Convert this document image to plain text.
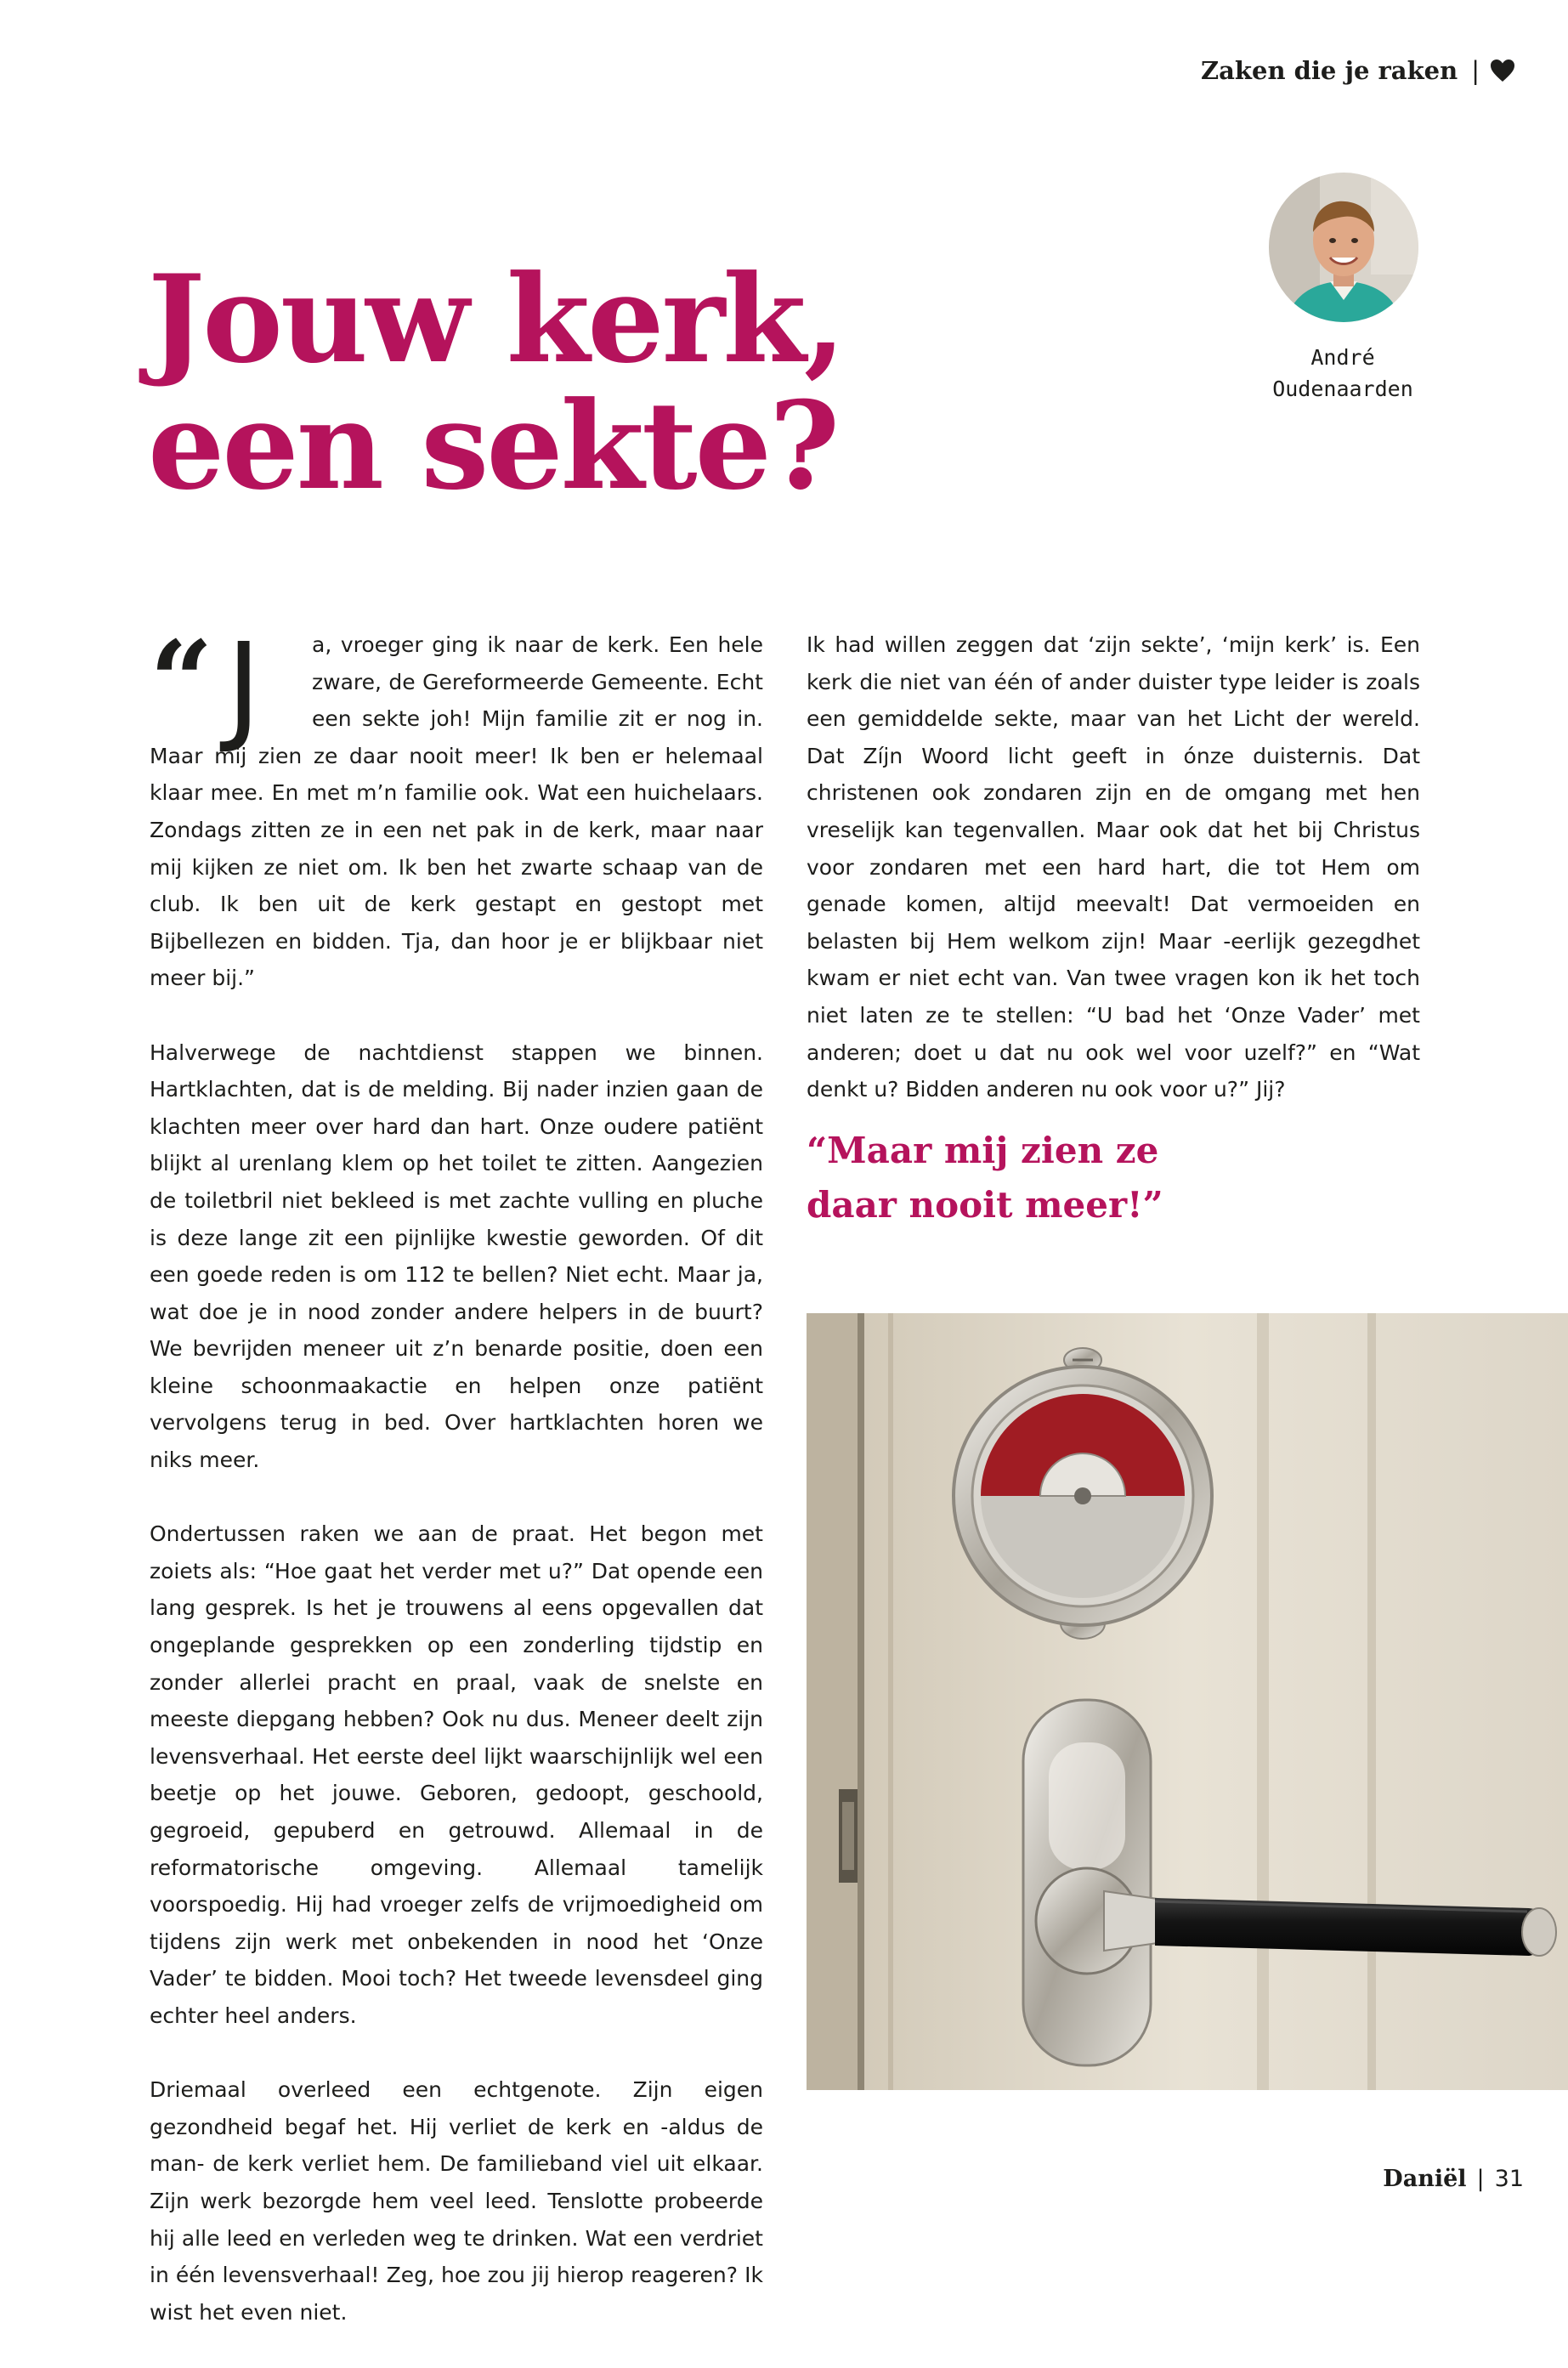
Zaken die je raken |
Jouw kerk,
een sekte?
André
Oudenaarden

“ J a, vroeger ging ik naar de kerk. Een hele zware, de Gereformeerde Gemeente. Echt een sekte joh! Mijn familie zit er nog in. Maar mij zien ze daar nooit meer! Ik ben er helemaal klaar mee. En met m’n familie ook. Wat een huichelaars. Zondags zitten ze in een net pak in de kerk, maar naar mij kijken ze niet om. Ik ben het zwarte schaap van de club. Ik ben uit de kerk gestapt en gestopt met Bijbellezen en bidden. Tja, dan hoor je er blijkbaar niet meer bij.”

Halverwege de nachtdienst stappen we binnen. Hartklachten, dat is de melding. Bij nader inzien gaan de klachten meer over hard dan hart. Onze oudere patiënt blijkt al urenlang klem op het toilet te zitten. Aangezien de toiletbril niet bekleed is met zachte vulling en pluche is deze lange zit een pijnlijke kwestie geworden. Of dit een goede reden is om 112 te bellen? Niet echt. Maar ja, wat doe je in nood zonder andere helpers in de buurt? We bevrijden meneer uit z’n benarde positie, doen een kleine schoonmaakactie en helpen onze patiënt vervolgens terug in bed. Over hartklachten horen we niks meer.

Ondertussen raken we aan de praat. Het begon met zoiets als: “Hoe gaat het verder met u?” Dat opende een lang gesprek. Is het je trouwens al eens opgevallen dat ongeplande gesprekken op een zonderling tijdstip en zonder allerlei pracht en praal, vaak de snelste en meeste diepgang hebben? Ook nu dus. Meneer deelt zijn levensverhaal. Het eerste deel lijkt waarschijnlijk wel een beetje op het jouwe. Geboren, gedoopt, geschoold, gegroeid, gepuberd en getrouwd. Allemaal in de reformatorische omgeving. Allemaal tamelijk voorspoedig. Hij had vroeger zelfs de vrijmoedigheid om tijdens zijn werk met onbekenden in nood het ‘Onze Vader’ te bidden. Mooi toch? Het tweede levensdeel ging echter heel anders.

Driemaal overleed een echtgenote. Zijn eigen gezondheid begaf het. Hij verliet de kerk en -aldus de man- de kerk verliet hem. De familieband viel uit elkaar. Zijn werk bezorgde hem veel leed. Tenslotte probeerde hij alle leed en verleden weg te drinken. Wat een verdriet in één levensverhaal! Zeg, hoe zou jij hierop reageren? Ik wist het even niet.

Ik had willen zeggen dat ‘zijn sekte’, ‘mijn kerk’ is. Een kerk die niet van één of ander duister type leider is zoals een gemiddelde sekte, maar van het Licht der wereld. Dat Zíjn Woord licht geeft in ónze duisternis. Dat christenen ook zondaren zijn en de omgang met hen vreselijk kan tegenvallen. Maar ook dat het bij Christus voor zondaren met een hard hart, die tot Hem om genade komen, altijd meevalt! Dat vermoeiden en belasten bij Hem welkom zijn! Maar -eerlijk gezegdhet kwam er niet echt van. Van twee vragen kon ik het toch niet laten ze te stellen: “U bad het ‘Onze Vader’ met anderen; doet u dat nu ook wel voor uzelf?” en “Wat denkt u? Bidden anderen nu ook voor u?” Jij?

“Maar mij zien ze
daar nooit meer!”
Daniël | 31
